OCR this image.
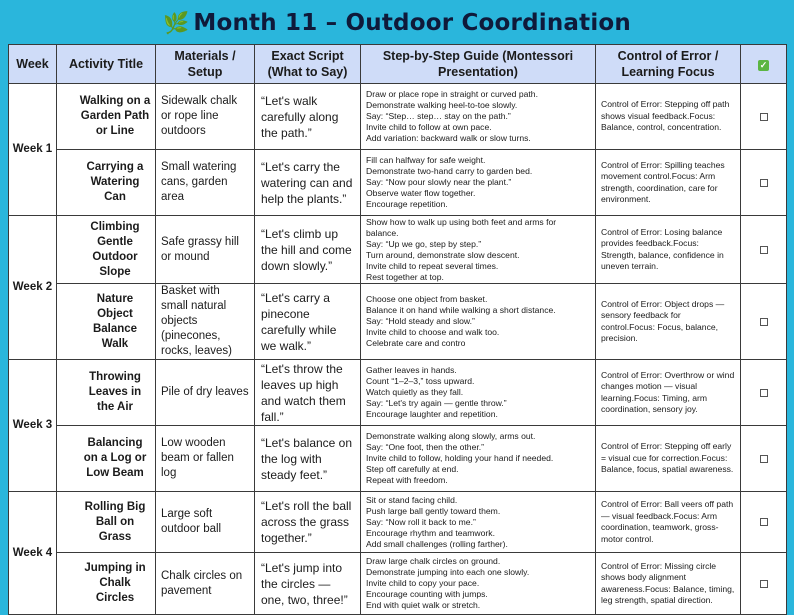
🌿 Month 11 – Outdoor Coordination
Week	Activity Title	Materials / Setup	Exact Script (What to Say)	Step-by-Step Guide (Montessori Presentation)	Control of Error / Learning Focus	✓
Week 1	Walking on a Garden Path or Line	Sidewalk chalk or rope line outdoors	“Let's walk carefully along the path.”	Draw or place rope in straight or curved path.
Demonstrate walking heel-to-toe slowly.
Say: “Step… step… stay on the path.”
Invite child to follow at own pace.
Add variation: backward walk or slow turns.	Control of Error: Stepping off path shows visual feedback.Focus: Balance, control, concentration.	
	Carrying a Watering Can	Small watering cans, garden area	“Let's carry the watering can and help the plants.”	Fill can halfway for safe weight.
Demonstrate two-hand carry to garden bed.
Say: “Now pour slowly near the plant.”
Observe water flow together.
Encourage repetition.	Control of Error: Spilling teaches movement control.Focus: Arm strength, coordination, care for environment.	
Week 2	Climbing Gentle Outdoor Slope	Safe grassy hill or mound	“Let's climb up the hill and come down slowly.”	Show how to walk up using both feet and arms for balance.
Say: “Up we go, step by step.”
Turn around, demonstrate slow descent.
Invite child to repeat several times.
Rest together at top.	Control of Error: Losing balance provides feedback.Focus: Strength, balance, confidence in uneven terrain.	
	Nature Object Balance Walk	Basket with small natural objects (pinecones, rocks, leaves)	“Let's carry a pinecone carefully while we walk.”	Choose one object from basket.
Balance it on hand while walking a short distance.
Say: “Hold steady and slow.”
Invite child to choose and walk too.
Celebrate care and contro	Control of Error: Object drops — sensory feedback for control.Focus: Focus, balance, precision.	
Week 3	Throwing Leaves in the Air	Pile of dry leaves	“Let's throw the leaves up high and watch them fall.”	Gather leaves in hands.
Count “1–2–3,” toss upward.
Watch quietly as they fall.
Say: “Let's try again — gentle throw.”
Encourage laughter and repetition.	Control of Error: Overthrow or wind changes motion — visual learning.Focus: Timing, arm coordination, sensory joy.	
	Balancing on a Log or Low Beam	Low wooden beam or fallen log	“Let's balance on the log with steady feet.”	Demonstrate walking along slowly, arms out.
Say: “One foot, then the other.”
Invite child to follow, holding your hand if needed.
Step off carefully at end.
Repeat with freedom.	Control of Error: Stepping off early = visual cue for correction.Focus: Balance, focus, spatial awareness.	
Week 4	Rolling Big Ball on Grass	Large soft outdoor ball	“Let's roll the ball across the grass together.”	Sit or stand facing child.
Push large ball gently toward them.
Say: “Now roll it back to me.”
Encourage rhythm and teamwork.
Add small challenges (rolling farther).	Control of Error: Ball veers off path — visual feedback.Focus: Arm coordination, teamwork, gross-motor control.	
	Jumping in Chalk Circles	Chalk circles on pavement	“Let's jump into the circles — one, two, three!”	Draw large chalk circles on ground.
Demonstrate jumping into each one slowly.
Invite child to copy your pace.
Encourage counting with jumps.
End with quiet walk or stretch.	Control of Error: Missing circle shows body alignment awareness.Focus: Balance, timing, leg strength, spatial direction.	
